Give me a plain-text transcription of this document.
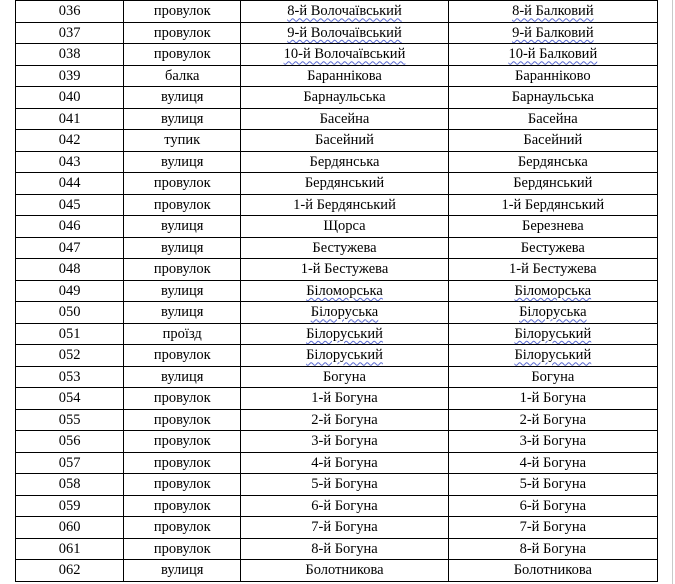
036	провулок	8-й Волочаївський	8-й Балковий
037	провулок	9-й Волочаївський	9-й Балковий
038	провулок	10-й Волочаївський	10-й Балковий
039	балка	Бараннікова	Баранніково
040	вулиця	Барнаульська	Барнаульська
041	вулиця	Басейна	Басейна
042	тупик	Басейний	Басейний
043	вулиця	Бердянська	Бердянська
044	провулок	Бердянський	Бердянський
045	провулок	1-й Бердянський	1-й Бердянський
046	вулиця	Щорса	Березнева
047	вулиця	Бестужева	Бестужева
048	провулок	1-й Бестужева	1-й Бестужева
049	вулиця	Біломорська	Біломорська
050	вулиця	Білоруська	Білоруська
051	проїзд	Білоруський	Білоруський
052	провулок	Білоруський	Білоруський
053	вулиця	Богуна	Богуна
054	провулок	1-й Богуна	1-й Богуна
055	провулок	2-й Богуна	2-й Богуна
056	провулок	3-й Богуна	3-й Богуна
057	провулок	4-й Богуна	4-й Богуна
058	провулок	5-й Богуна	5-й Богуна
059	провулок	6-й Богуна	6-й Богуна
060	провулок	7-й Богуна	7-й Богуна
061	провулок	8-й Богуна	8-й Богуна
062	вулиця	Болотникова	Болотникова
